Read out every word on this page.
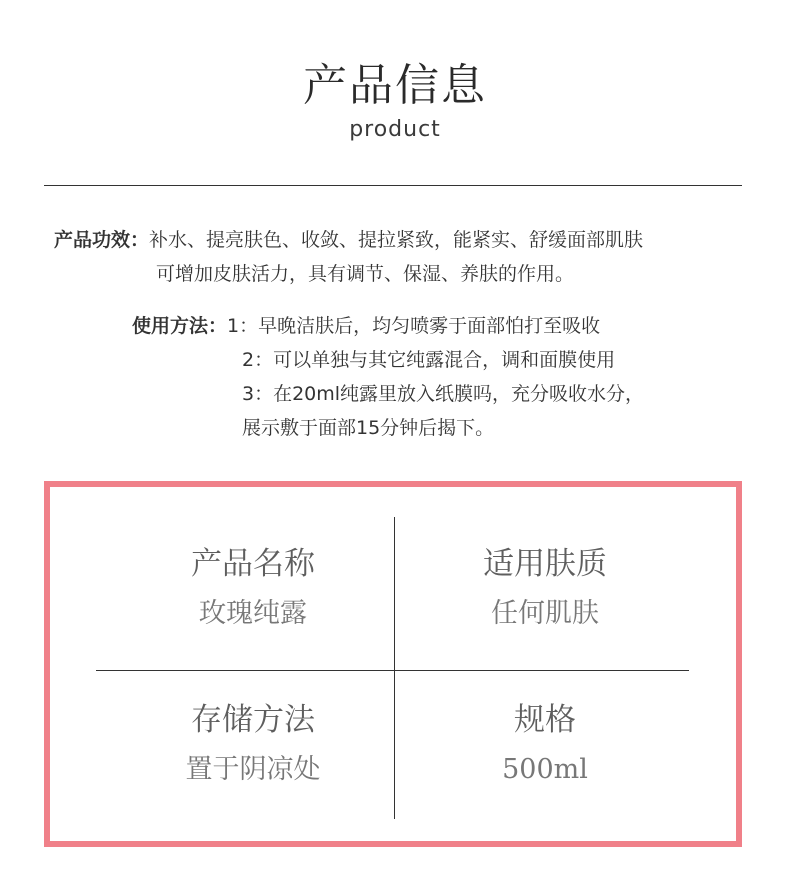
产品信息
product
产品功效：补水、提亮肤色、收敛、提拉紧致，能紧实、舒缓面部肌肤
可增加皮肤活力，具有调节、保湿、养肤的作用。
使用方法：1：早晚洁肤后，均匀喷雾于面部怕打至吸收
2：可以单独与其它纯露混合，调和面膜使用
3：在20ml纯露里放入纸膜吗，充分吸收水分，
展示敷于面部15分钟后揭下。
产品名称
玫瑰纯露
适用肤质
任何肌肤
存储方法
置于阴凉处
规格
500ml
